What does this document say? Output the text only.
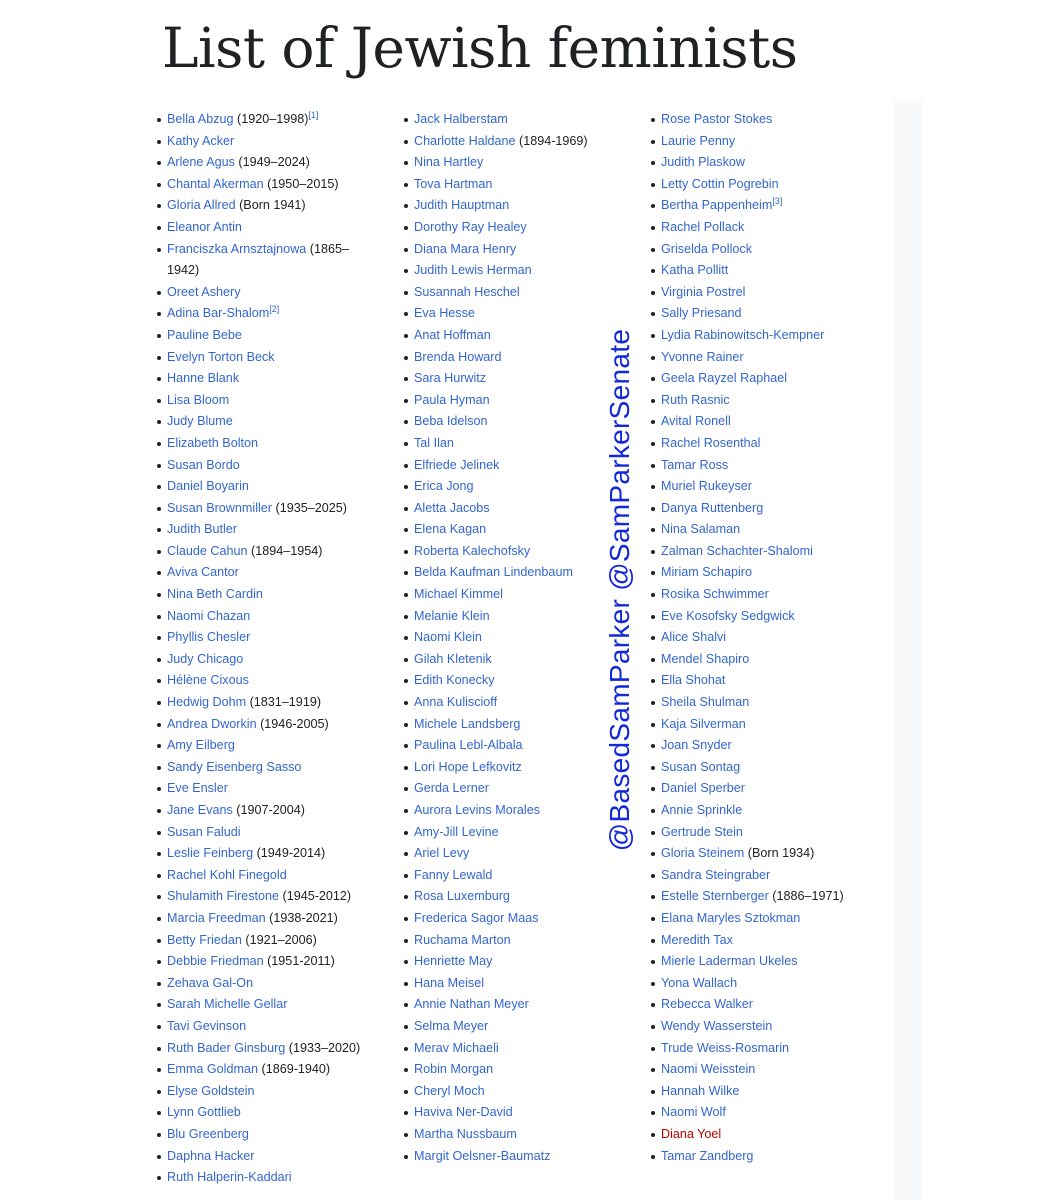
List of Jewish feminists
Bella Abzug (1920–1998)[1]
Kathy Acker
Arlene Agus (1949–2024)
Chantal Akerman (1950–2015)
Gloria Allred (Born 1941)
Eleanor Antin
Franciszka Arnsztajnowa (1865–1942)
Oreet Ashery
Adina Bar-Shalom[2]
Pauline Bebe
Evelyn Torton Beck
Hanne Blank
Lisa Bloom
Judy Blume
Elizabeth Bolton
Susan Bordo
Daniel Boyarin
Susan Brownmiller (1935–2025)
Judith Butler
Claude Cahun (1894–1954)
Aviva Cantor
Nina Beth Cardin
Naomi Chazan
Phyllis Chesler
Judy Chicago
Hélène Cixous
Hedwig Dohm (1831–1919)
Andrea Dworkin (1946-2005)
Amy Eilberg
Sandy Eisenberg Sasso
Eve Ensler
Jane Evans (1907-2004)
Susan Faludi
Leslie Feinberg (1949-2014)
Rachel Kohl Finegold
Shulamith Firestone (1945-2012)
Marcia Freedman (1938-2021)
Betty Friedan (1921–2006)
Debbie Friedman (1951-2011)
Zehava Gal-On
Sarah Michelle Gellar
Tavi Gevinson
Ruth Bader Ginsburg (1933–2020)
Emma Goldman (1869-1940)
Elyse Goldstein
Lynn Gottlieb
Blu Greenberg
Daphna Hacker
Ruth Halperin-Kaddari
Jack Halberstam
Charlotte Haldane (1894-1969)
Nina Hartley
Tova Hartman
Judith Hauptman
Dorothy Ray Healey
Diana Mara Henry
Judith Lewis Herman
Susannah Heschel
Eva Hesse
Anat Hoffman
Brenda Howard
Sara Hurwitz
Paula Hyman
Beba Idelson
Tal Ilan
Elfriede Jelinek
Erica Jong
Aletta Jacobs
Elena Kagan
Roberta Kalechofsky
Belda Kaufman Lindenbaum
Michael Kimmel
Melanie Klein
Naomi Klein
Gilah Kletenik
Edith Konecky
Anna Kuliscioff
Michele Landsberg
Paulina Lebl-Albala
Lori Hope Lefkovitz
Gerda Lerner
Aurora Levins Morales
Amy-Jill Levine
Ariel Levy
Fanny Lewald
Rosa Luxemburg
Frederica Sagor Maas
Ruchama Marton
Henriette May
Hana Meisel
Annie Nathan Meyer
Selma Meyer
Merav Michaeli
Robin Morgan
Cheryl Moch
Haviva Ner-David
Martha Nussbaum
Margit Oelsner-Baumatz
Rose Pastor Stokes
Laurie Penny
Judith Plaskow
Letty Cottin Pogrebin
Bertha Pappenheim[3]
Rachel Pollack
Griselda Pollock
Katha Pollitt
Virginia Postrel
Sally Priesand
Lydia Rabinowitsch-Kempner
Yvonne Rainer
Geela Rayzel Raphael
Ruth Rasnic
Avital Ronell
Rachel Rosenthal
Tamar Ross
Muriel Rukeyser
Danya Ruttenberg
Nina Salaman
Zalman Schachter-Shalomi
Miriam Schapiro
Rosika Schwimmer
Eve Kosofsky Sedgwick
Alice Shalvi
Mendel Shapiro
Ella Shohat
Sheila Shulman
Kaja Silverman
Joan Snyder
Susan Sontag
Daniel Sperber
Annie Sprinkle
Gertrude Stein
Gloria Steinem (Born 1934)
Sandra Steingraber
Estelle Sternberger (1886–1971)
Elana Maryles Sztokman
Meredith Tax
Mierle Laderman Ukeles
Yona Wallach
Rebecca Walker
Wendy Wasserstein
Trude Weiss-Rosmarin
Naomi Weisstein
Hannah Wilke
Naomi Wolf
Diana Yoel
Tamar Zandberg
@BasedSamParker @SamParkerSenate
